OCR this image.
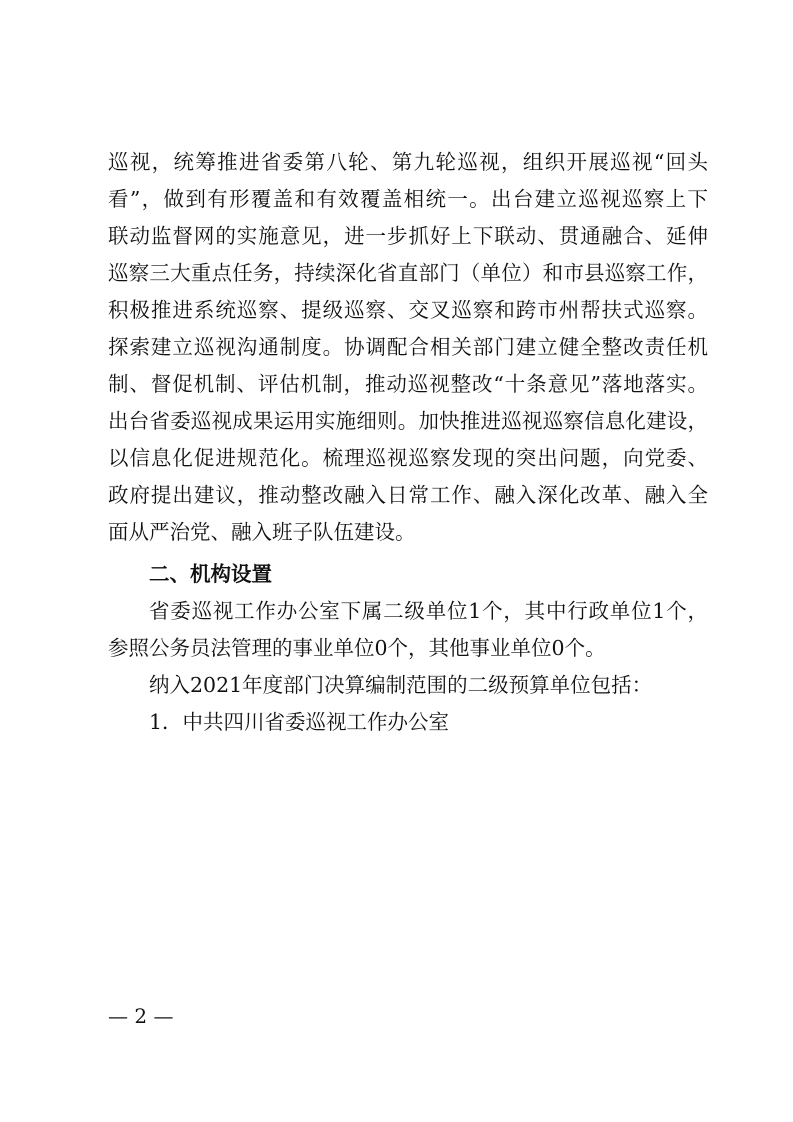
巡视，统筹推进省委第八轮、第九轮巡视，组织开展巡视“回头
看”，做到有形覆盖和有效覆盖相统一。出台建立巡视巡察上下
联动监督网的实施意见，进一步抓好上下联动、贯通融合、延伸
巡察三大重点任务，持续深化省直部门（单位）和市县巡察工作，
积极推进系统巡察、提级巡察、交叉巡察和跨市州帮扶式巡察。
探索建立巡视沟通制度。协调配合相关部门建立健全整改责任机
制、督促机制、评估机制，推动巡视整改“十条意见”落地落实。
出台省委巡视成果运用实施细则。加快推进巡视巡察信息化建设，
以信息化促进规范化。梳理巡视巡察发现的突出问题，向党委、
政府提出建议，推动整改融入日常工作、融入深化改革、融入全
面从严治党、融入班子队伍建设。
二、机构设置
省委巡视工作办公室下属二级单位1个，其中行政单位1个，
参照公务员法管理的事业单位0个，其他事业单位0个。
纳入2021年度部门决算编制范围的二级预算单位包括：
1．中共四川省委巡视工作办公室
— 2 —
